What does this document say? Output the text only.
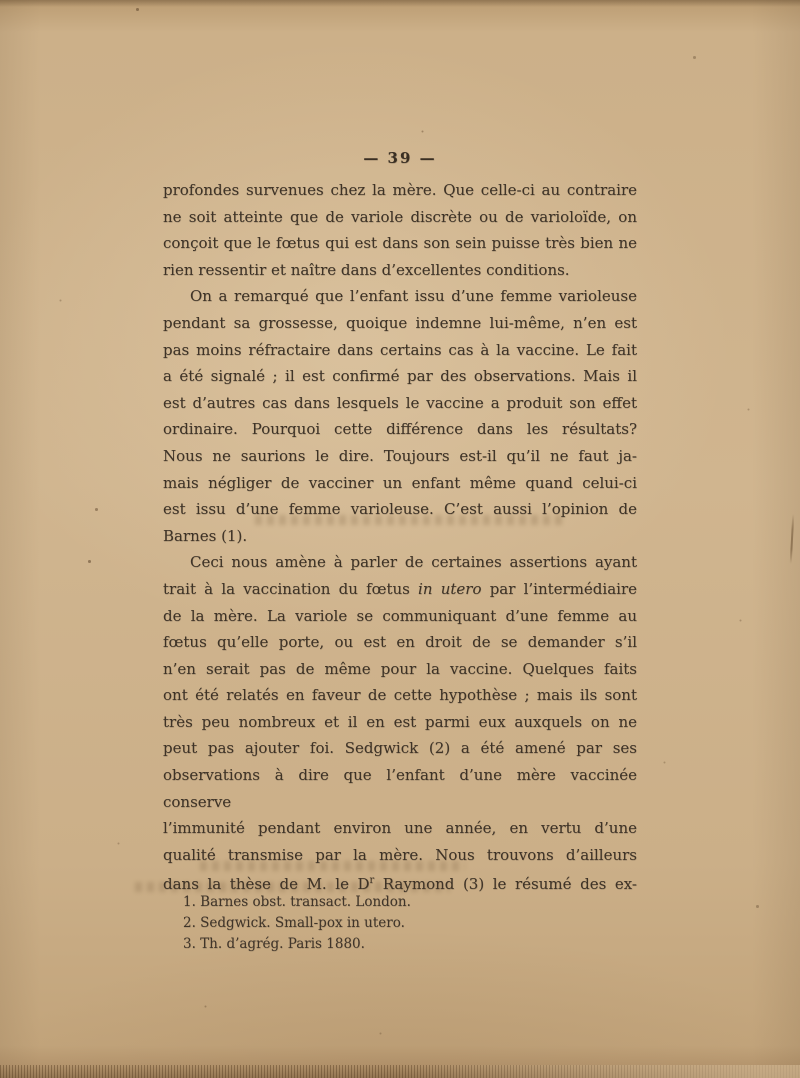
— 39 —
profondes survenues chez la mère. Que celle-ci au contraire
ne soit atteinte que de variole discrète ou de varioloïde, on
conçoit que le fœtus qui est dans son sein puisse très bien ne
rien ressentir et naître dans d’excellentes conditions.
On a remarqué que l’enfant issu d’une femme varioleuse
pendant sa grossesse, quoique indemne lui-même, n’en est
pas moins réfractaire dans certains cas à la vaccine. Le fait
a été signalé ; il est confirmé par des observations. Mais il
est d’autres cas dans lesquels le vaccine a produit son effet
ordinaire. Pourquoi cette différence dans les résultats?
Nous ne saurions le dire. Toujours est-il qu’il ne faut ja-
mais négliger de vacciner un enfant même quand celui-ci
est issu d’une femme varioleuse. C’est aussi l’opinion de
Barnes (1).
Ceci nous amène à parler de certaines assertions ayant
trait à la vaccination du fœtus in utero par l’intermédiaire
de la mère. La variole se communiquant d’une femme au
fœtus qu’elle porte, ou est en droit de se demander s’il
n’en serait pas de même pour la vaccine. Quelques faits
ont été relatés en faveur de cette hypothèse ; mais ils sont
très peu nombreux et il en est parmi eux auxquels on ne
peut pas ajouter foi. Sedgwick (2) a été amené par ses
observations à dire que l’enfant d’une mère vaccinée conserve
l’immunité pendant environ une année, en vertu d’une
qualité transmise par la mère. Nous trouvons d’ailleurs
dans la thèse de M. le $D^r$ Raymond (3) le résumé des ex-
1. Barnes obst. transact. London.
2. Sedgwick. Small-pox in utero.
3. Th. d’agrég. Paris 1880.
